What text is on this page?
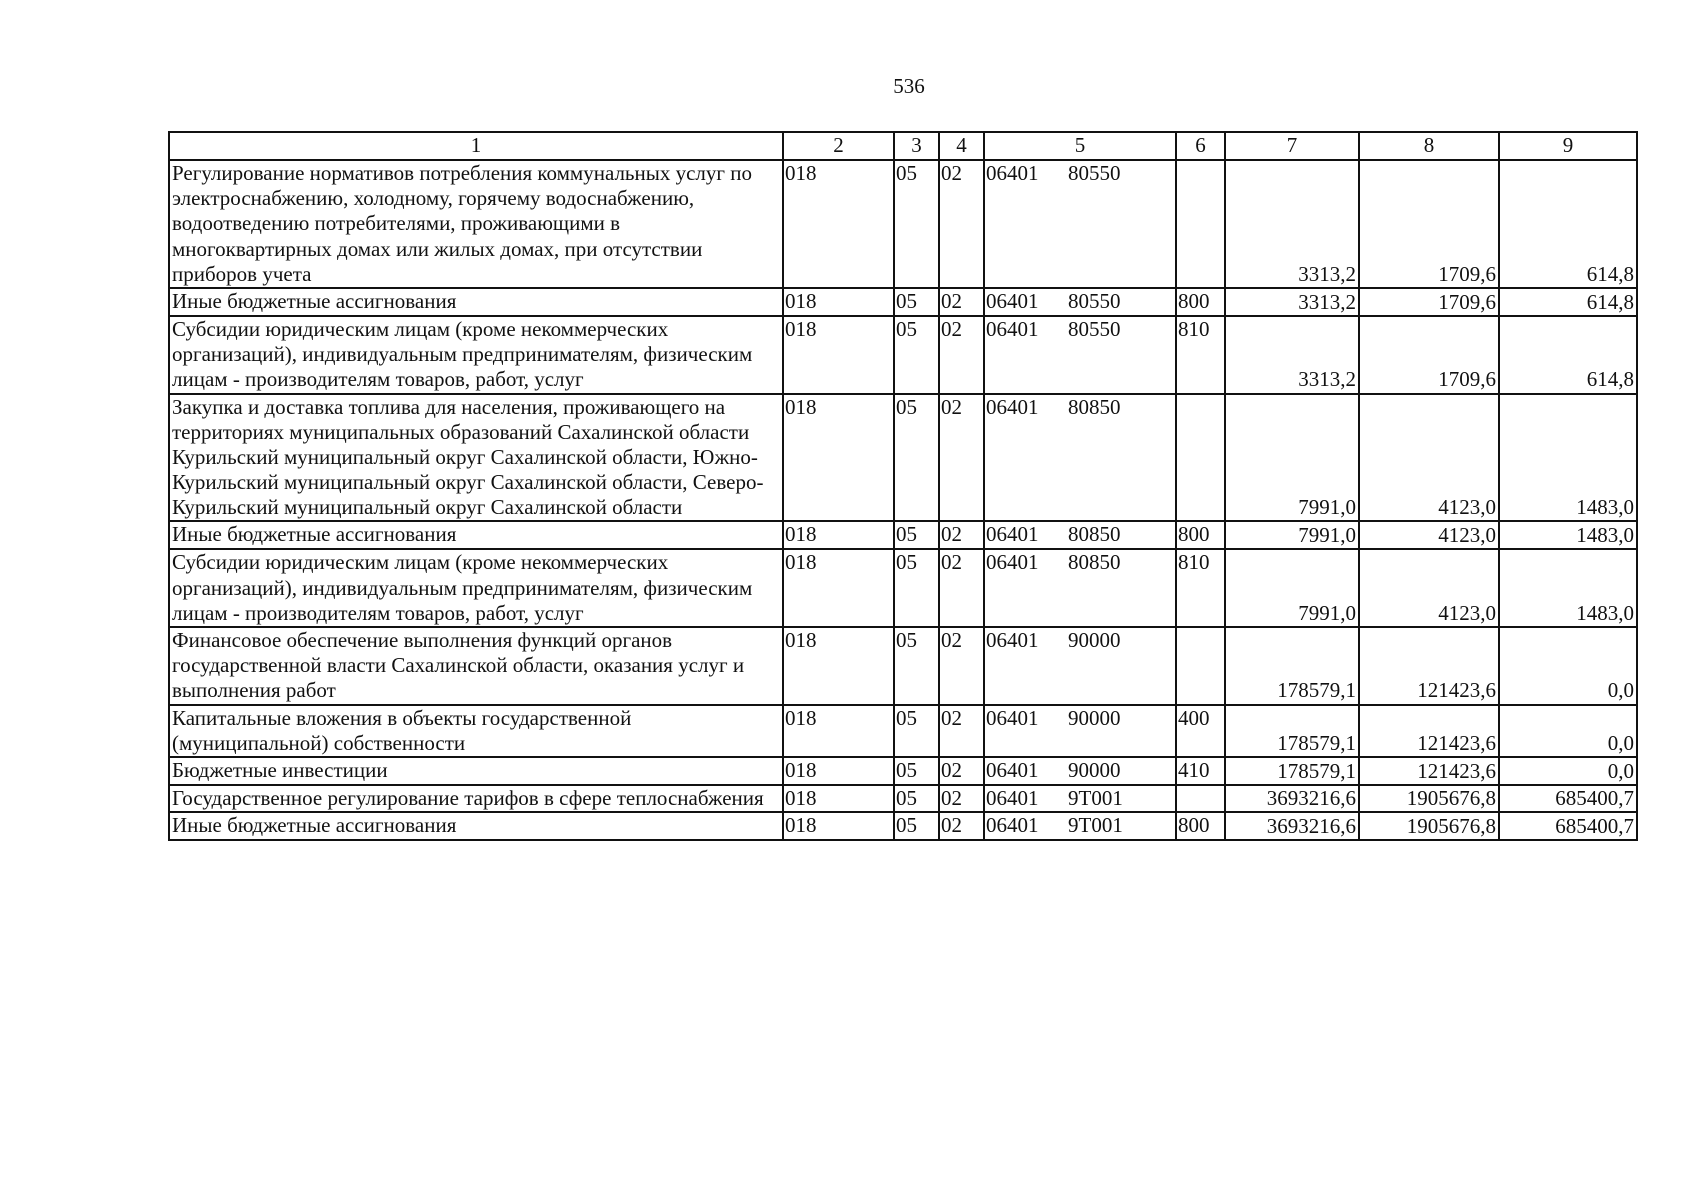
536
1	2	3	4	5	6	7	8	9
Регулирование нормативов потребления коммунальных услуг по электроснабжению, холодному, горячему водоснабжению, водоотведению потребителями, проживающими в многоквартирных домах или жилых домах, при отсутствии приборов учета	018	05	02	06401 80550		3313,2	1709,6	614,8
Иные бюджетные ассигнования	018	05	02	06401 80550	800	3313,2	1709,6	614,8
Субсидии юридическим лицам (кроме некоммерческих организаций), индивидуальным предпринимателям, физическим лицам - производителям товаров, работ, услуг	018	05	02	06401 80550	810	3313,2	1709,6	614,8
Закупка и доставка топлива для населения, проживающего на территориях муниципальных образований Сахалинской области Курильский муниципальный округ Сахалинской области, Южно-Курильский муниципальный округ Сахалинской области, Северо-Курильский муниципальный округ Сахалинской области	018	05	02	06401 80850		7991,0	4123,0	1483,0
Иные бюджетные ассигнования	018	05	02	06401 80850	800	7991,0	4123,0	1483,0
Субсидии юридическим лицам (кроме некоммерческих организаций), индивидуальным предпринимателям, физическим лицам - производителям товаров, работ, услуг	018	05	02	06401 80850	810	7991,0	4123,0	1483,0
Финансовое обеспечение выполнения функций органов государственной власти Сахалинской области, оказания услуг и выполнения работ	018	05	02	06401 90000		178579,1	121423,6	0,0
Капитальные вложения в объекты государственной (муниципальной) собственности	018	05	02	06401 90000	400	178579,1	121423,6	0,0
Бюджетные инвестиции	018	05	02	06401 90000	410	178579,1	121423,6	0,0
Государственное регулирование тарифов в сфере теплоснабжения	018	05	02	06401 9Т001		3693216,6	1905676,8	685400,7
Иные бюджетные ассигнования	018	05	02	06401 9Т001	800	3693216,6	1905676,8	685400,7
